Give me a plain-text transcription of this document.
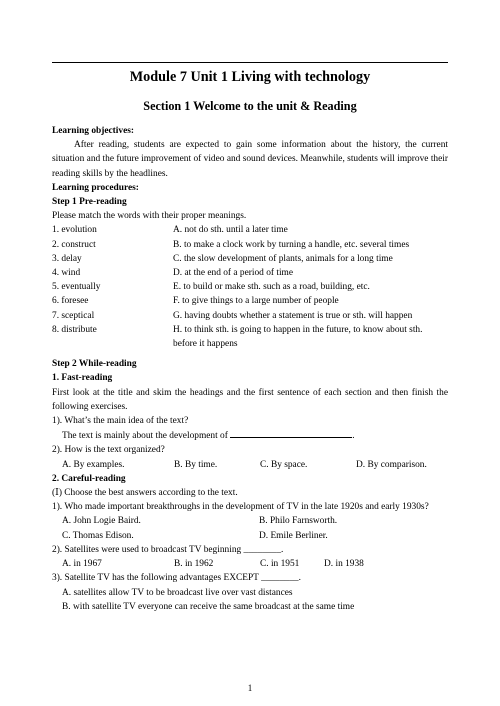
Module 7 Unit 1 Living with technology
Section 1 Welcome to the unit & Reading

Learning objectives:

After reading, students are expected to gain some information about the history, the current situation and the future improvement of video and sound devices. Meanwhile, students will improve their reading skills by the headlines.

Learning procedures:

Step 1 Pre-reading

Please match the words with their proper meanings.

1. evolution	A. not do sth. until a later time
2. construct	B. to make a clock work by turning a handle, etc. several times
3. delay	C. the slow development of plants, animals for a long time
4. wind	D. at the end of a period of time
5. eventually	E. to build or make sth. such as a road, building, etc.
6. foresee	F. to give things to a large number of people
7. sceptical	G. having doubts whether a statement is true or sth. will happen
8. distribute	H. to think sth. is going to happen in the future, to know about sth. before it happens

Step 2 While-reading

1. Fast-reading

First look at the title and skim the headings and the first sentence of each section and then finish the following exercises.

1). What’s the main idea of the text?

The text is mainly about the development of	.

2). How is the text organized?

A. By examples.	B. By time.	C. By space.	D. By comparison.

2. Careful-reading

(Ⅰ) Choose the best answers according to the text.

1). Who made important breakthroughs in the development of TV in the late 1920s and early 1930s?

A. John Logie Baird.	B. Philo Farnsworth.
C. Thomas Edison.	D. Emile Berliner.

2). Satellites were used to broadcast TV beginning ________.

A. in 1967	B. in 1962	C. in 1951	D. in 1938

3). Satellite TV has the following advantages EXCEPT ________.

A. satellites allow TV to be broadcast live over vast distances

B. with satellite TV everyone can receive the same broadcast at the same time

1
